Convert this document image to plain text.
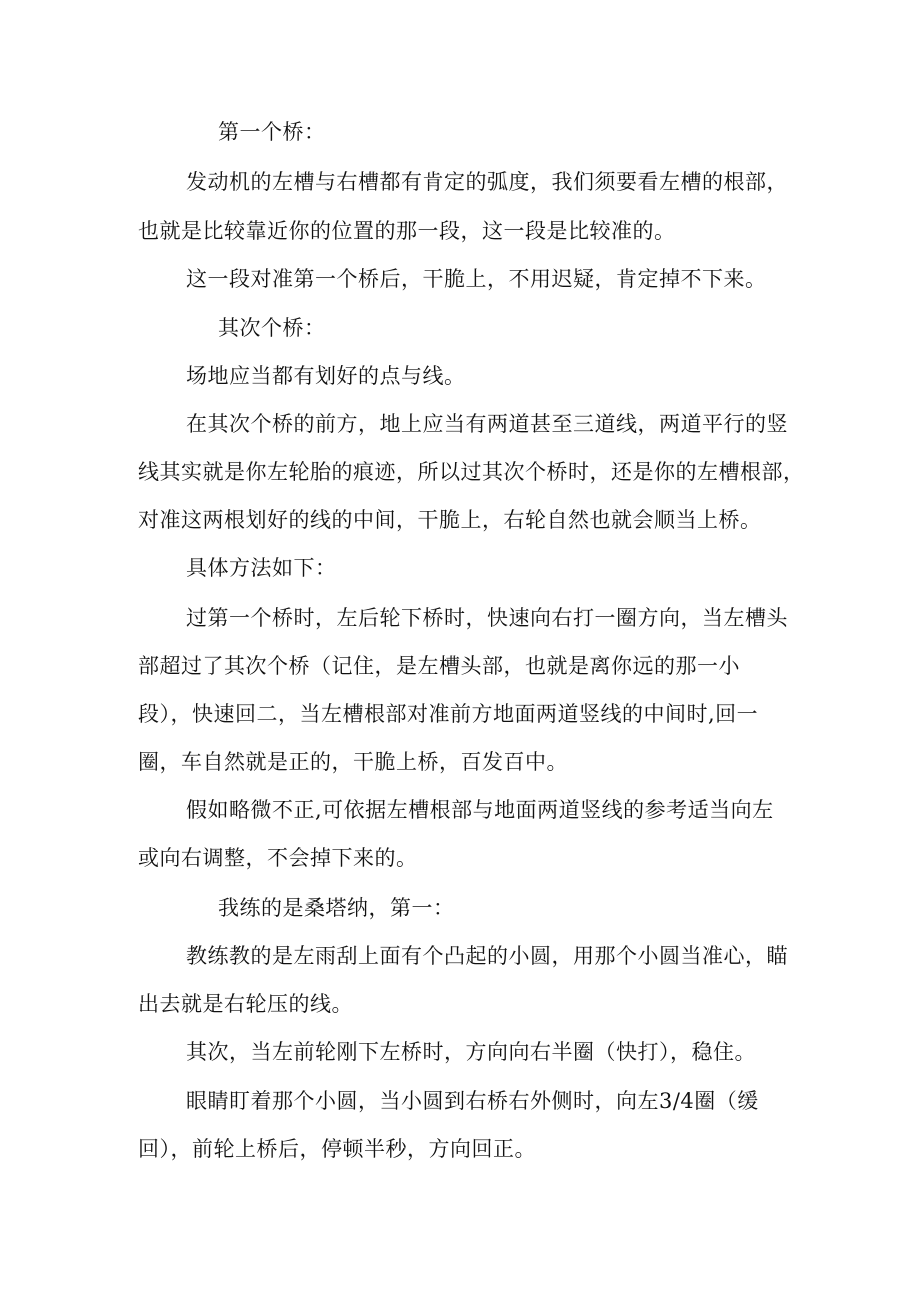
第一个桥：
发动机的左槽与右槽都有肯定的弧度，我们须要看左槽的根部，
也就是比较靠近你的位置的那一段，这一段是比较准的。
这一段对准第一个桥后，干脆上，不用迟疑，肯定掉不下来。
其次个桥：
场地应当都有划好的点与线。
在其次个桥的前方，地上应当有两道甚至三道线，两道平行的竖
线其实就是你左轮胎的痕迹，所以过其次个桥时，还是你的左槽根部，
对准这两根划好的线的中间，干脆上，右轮自然也就会顺当上桥。
具体方法如下：
过第一个桥时，左后轮下桥时，快速向右打一圈方向，当左槽头
部超过了其次个桥（记住，是左槽头部，也就是离你远的那一小
段），快速回二，当左槽根部对准前方地面两道竖线的中间时,回一
圈，车自然就是正的，干脆上桥，百发百中。
假如略微不正,可依据左槽根部与地面两道竖线的参考适当向左
或向右调整，不会掉下来的。
我练的是桑塔纳，第一：
教练教的是左雨刮上面有个凸起的小圆，用那个小圆当准心，瞄
出去就是右轮压的线。
其次，当左前轮刚下左桥时，方向向右半圈（快打），稳住。
眼睛盯着那个小圆，当小圆到右桥右外侧时，向左3/4圈（缓
回），前轮上桥后，停顿半秒，方向回正。
